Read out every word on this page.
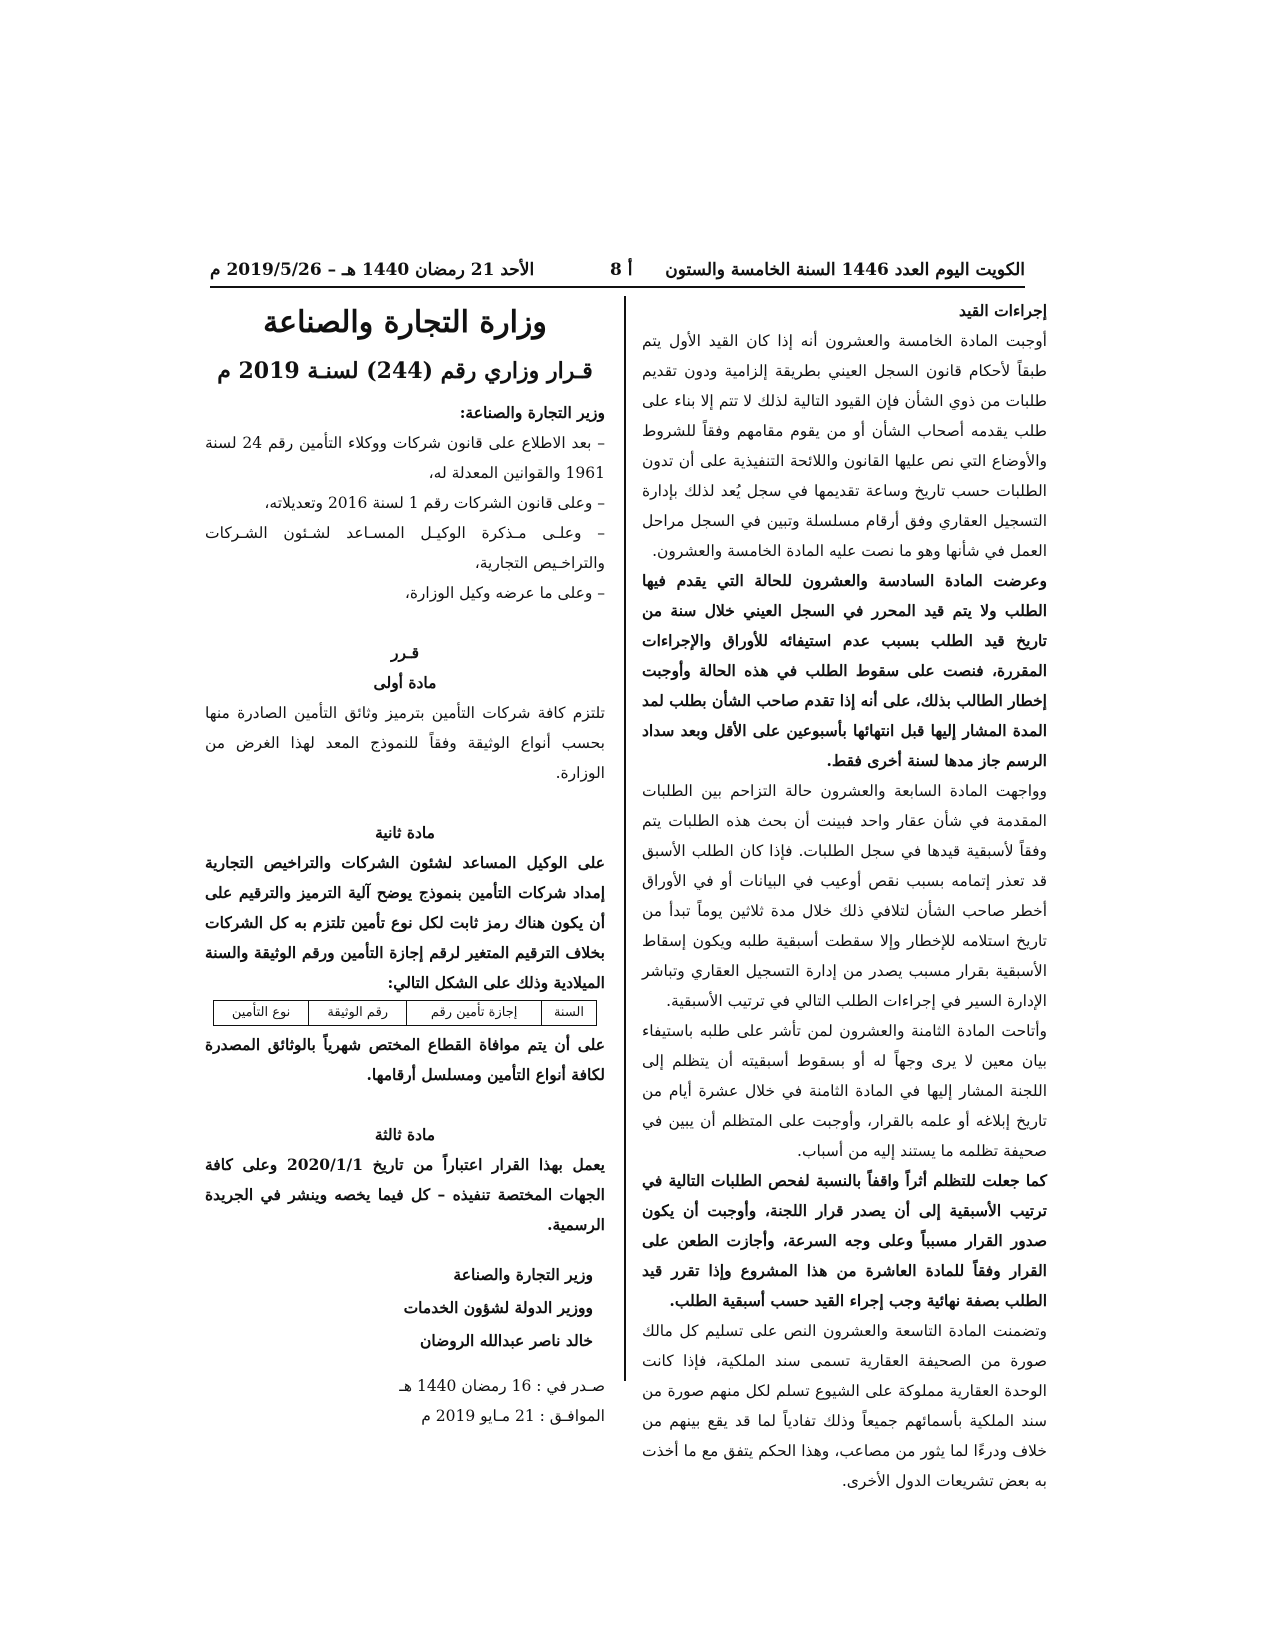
الكويت اليوم العدد 1446 السنة الخامسة والستون
أ 8
الأحد 21 رمضان 1440 هـ – 2019/5/26 م

إجراءات القيد

أوجبت المادة الخامسة والعشرون أنه إذا كان القيد الأول يتم طبقاً لأحكام قانون السجل العيني بطريقة إلزامية ودون تقديم طلبات من ذوي الشأن فإن القيود التالية لذلك لا تتم إلا بناء على طلب يقدمه أصحاب الشأن أو من يقوم مقامهم وفقاً للشروط والأوضاع التي نص عليها القانون واللائحة التنفيذية على أن تدون الطلبات حسب تاريخ وساعة تقديمها في سجل يُعد لذلك بإدارة التسجيل العقاري وفق أرقام مسلسلة وتبين في السجل مراحل العمل في شأنها وهو ما نصت عليه المادة الخامسة والعشرون.

وعرضت المادة السادسة والعشرون للحالة التي يقدم فيها الطلب ولا يتم قيد المحرر في السجل العيني خلال سنة من تاريخ قيد الطلب بسبب عدم استيفائه للأوراق والإجراءات المقررة، فنصت على سقوط الطلب في هذه الحالة وأوجبت إخطار الطالب بذلك، على أنه إذا تقدم صاحب الشأن بطلب لمد المدة المشار إليها قبل انتهائها بأسبوعين على الأقل وبعد سداد الرسم جاز مدها لسنة أخرى فقط.

وواجهت المادة السابعة والعشرون حالة التزاحم بين الطلبات المقدمة في شأن عقار واحد فبينت أن بحث هذه الطلبات يتم وفقاً لأسبقية قيدها في سجل الطلبات. فإذا كان الطلب الأسبق قد تعذر إتمامه بسبب نقص أوعيب في البيانات أو في الأوراق أخطر صاحب الشأن لتلافي ذلك خلال مدة ثلاثين يوماً تبدأ من تاريخ استلامه للإخطار وإلا سقطت أسبقية طلبه ويكون إسقاط الأسبقية بقرار مسبب يصدر من إدارة التسجيل العقاري وتباشر الإدارة السير في إجراءات الطلب التالي في ترتيب الأسبقية.

وأتاحت المادة الثامنة والعشرون لمن تأشر على طلبه باستيفاء بيان معين لا يرى وجهاً له أو بسقوط أسبقيته أن يتظلم إلى اللجنة المشار إليها في المادة الثامنة في خلال عشرة أيام من تاريخ إبلاغه أو علمه بالقرار، وأوجبت على المتظلم أن يبين في صحيفة تظلمه ما يستند إليه من أسباب.

كما جعلت للتظلم أثراً واقفاً بالنسبة لفحص الطلبات التالية في ترتيب الأسبقية إلى أن يصدر قرار اللجنة، وأوجبت أن يكون صدور القرار مسبباً وعلى وجه السرعة، وأجازت الطعن على القرار وفقاً للمادة العاشرة من هذا المشروع وإذا تقرر قيد الطلب بصفة نهائية وجب إجراء القيد حسب أسبقية الطلب.

وتضمنت المادة التاسعة والعشرون النص على تسليم كل مالك صورة من الصحيفة العقارية تسمى سند الملكية، فإذا كانت الوحدة العقارية مملوكة على الشيوع تسلم لكل منهم صورة من سند الملكية بأسمائهم جميعاً وذلك تفادياً لما قد يقع بينهم من خلاف ودرءًا لما يثور من مصاعب، وهذا الحكم يتفق مع ما أخذت به بعض تشريعات الدول الأخرى.

وزارة التجارة والصناعة
قـرار وزاري رقم (244) لسنـة 2019 م

وزير التجارة والصناعة:

– بعد الاطلاع على قانون شركات ووكلاء التأمين رقم 24 لسنة 1961 والقوانين المعدلة له،

– وعلى قانون الشركات رقم 1 لسنة 2016 وتعديلاته،

– وعلـى مـذكرة الوكيـل المسـاعد لشـئون الشـركات والتراخـيص التجارية،

– وعلى ما عرضه وكيل الوزارة،

قـرر

مادة أولى

تلتزم كافة شركات التأمين بترميز وثائق التأمين الصادرة منها بحسب أنواع الوثيقة وفقاً للنموذج المعد لهذا الغرض من الوزارة.

مادة ثانية

على الوكيل المساعد لشئون الشركات والتراخيص التجارية إمداد شركات التأمين بنموذج يوضح آلية الترميز والترقيم على أن يكون هناك رمز ثابت لكل نوع تأمين تلتزم به كل الشركات بخلاف الترقيم المتغير لرقم إجازة التأمين ورقم الوثيقة والسنة الميلادية وذلك على الشكل التالي:

السنة	إجازة تأمين رقم	رقم الوثيقة	نوع التأمين

على أن يتم موافاة القطاع المختص شهرياً بالوثائق المصدرة لكافة أنواع التأمين ومسلسل أرقامها.

مادة ثالثة

يعمل بهذا القرار اعتباراً من تاريخ 2020/1/1 وعلى كافة الجهات المختصة تنفيذه – كل فيما يخصه وينشر في الجريدة الرسمية.

وزير التجارة والصناعة
ووزير الدولة لشؤون الخدمات
خالد ناصر عبدالله الروضان
صـدر في : 16 رمضان 1440 هـ
الموافـق : 21 مـايو 2019 م
